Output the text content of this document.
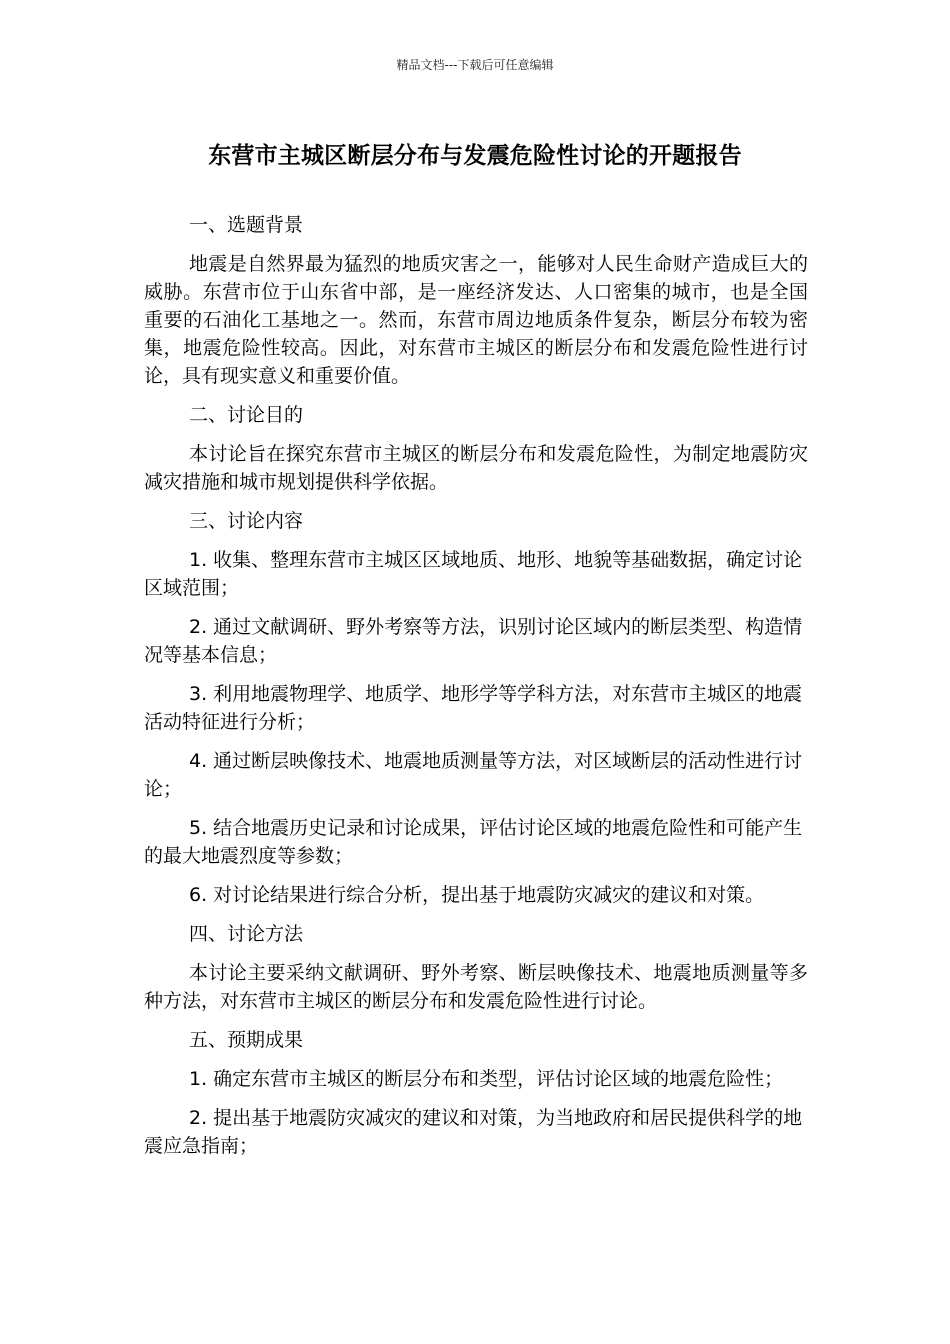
精品文档---下载后可任意编辑
东营市主城区断层分布与发震危险性讨论的开题报告

一、选题背景

地震是自然界最为猛烈的地质灾害之一，能够对人民生命财产造成巨大的威胁。东营市位于山东省中部，是一座经济发达、人口密集的城市，也是全国重要的石油化工基地之一。然而，东营市周边地质条件复杂，断层分布较为密集，地震危险性较高。因此，对东营市主城区的断层分布和发震危险性进行讨论，具有现实意义和重要价值。

二、讨论目的

本讨论旨在探究东营市主城区的断层分布和发震危险性，为制定地震防灾减灾措施和城市规划提供科学依据。

三、讨论内容

1. 收集、整理东营市主城区区域地质、地形、地貌等基础数据，确定讨论区域范围；

2. 通过文献调研、野外考察等方法，识别讨论区域内的断层类型、构造情况等基本信息；

3. 利用地震物理学、地质学、地形学等学科方法，对东营市主城区的地震活动特征进行分析；

4. 通过断层映像技术、地震地质测量等方法，对区域断层的活动性进行讨论；

5. 结合地震历史记录和讨论成果，评估讨论区域的地震危险性和可能产生的最大地震烈度等参数；

6. 对讨论结果进行综合分析，提出基于地震防灾减灾的建议和对策。

四、讨论方法

本讨论主要采纳文献调研、野外考察、断层映像技术、地震地质测量等多种方法，对东营市主城区的断层分布和发震危险性进行讨论。

五、预期成果

1. 确定东营市主城区的断层分布和类型，评估讨论区域的地震危险性；

2. 提出基于地震防灾减灾的建议和对策，为当地政府和居民提供科学的地震应急指南；
